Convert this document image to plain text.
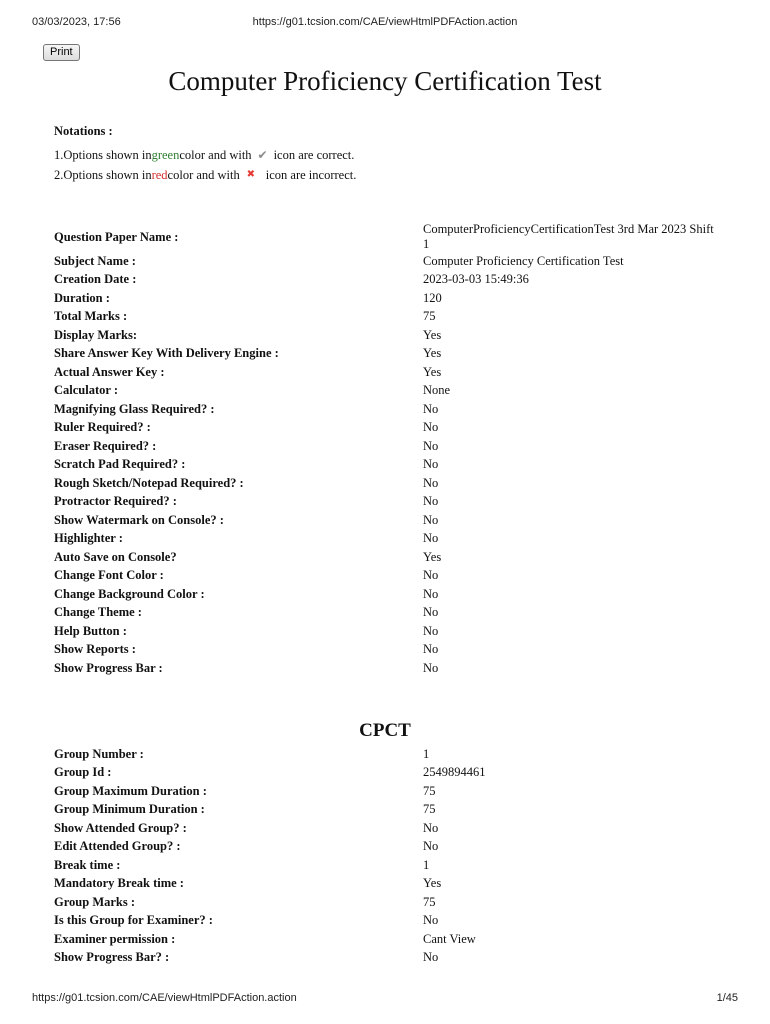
03/03/2023, 17:56	https://g01.tcsion.com/CAE/viewHtmlPDFAction.action
Print
Computer Proficiency Certification Test
Notations :
1.Options shown in green color and with ✔ icon are correct.
2.Options shown in red color and with ✖ icon are incorrect.
Question Paper Name :	ComputerProficiencyCertificationTest 3rd Mar 2023 Shift 1
Subject Name :	Computer Proficiency Certification Test
Creation Date :	2023-03-03 15:49:36
Duration :	120
Total Marks :	75
Display Marks:	Yes
Share Answer Key With Delivery Engine :	Yes
Actual Answer Key :	Yes
Calculator :	None
Magnifying Glass Required? :	No
Ruler Required? :	No
Eraser Required? :	No
Scratch Pad Required? :	No
Rough Sketch/Notepad Required? :	No
Protractor Required? :	No
Show Watermark on Console? :	No
Highlighter :	No
Auto Save on Console?	Yes
Change Font Color :	No
Change Background Color :	No
Change Theme :	No
Help Button :	No
Show Reports :	No
Show Progress Bar :	No
CPCT
Group Number :	1
Group Id :	2549894461
Group Maximum Duration :	75
Group Minimum Duration :	75
Show Attended Group? :	No
Edit Attended Group? :	No
Break time :	1
Mandatory Break time :	Yes
Group Marks :	75
Is this Group for Examiner? :	No
Examiner permission :	Cant View
Show Progress Bar? :	No
https://g01.tcsion.com/CAE/viewHtmlPDFAction.action	1/45
